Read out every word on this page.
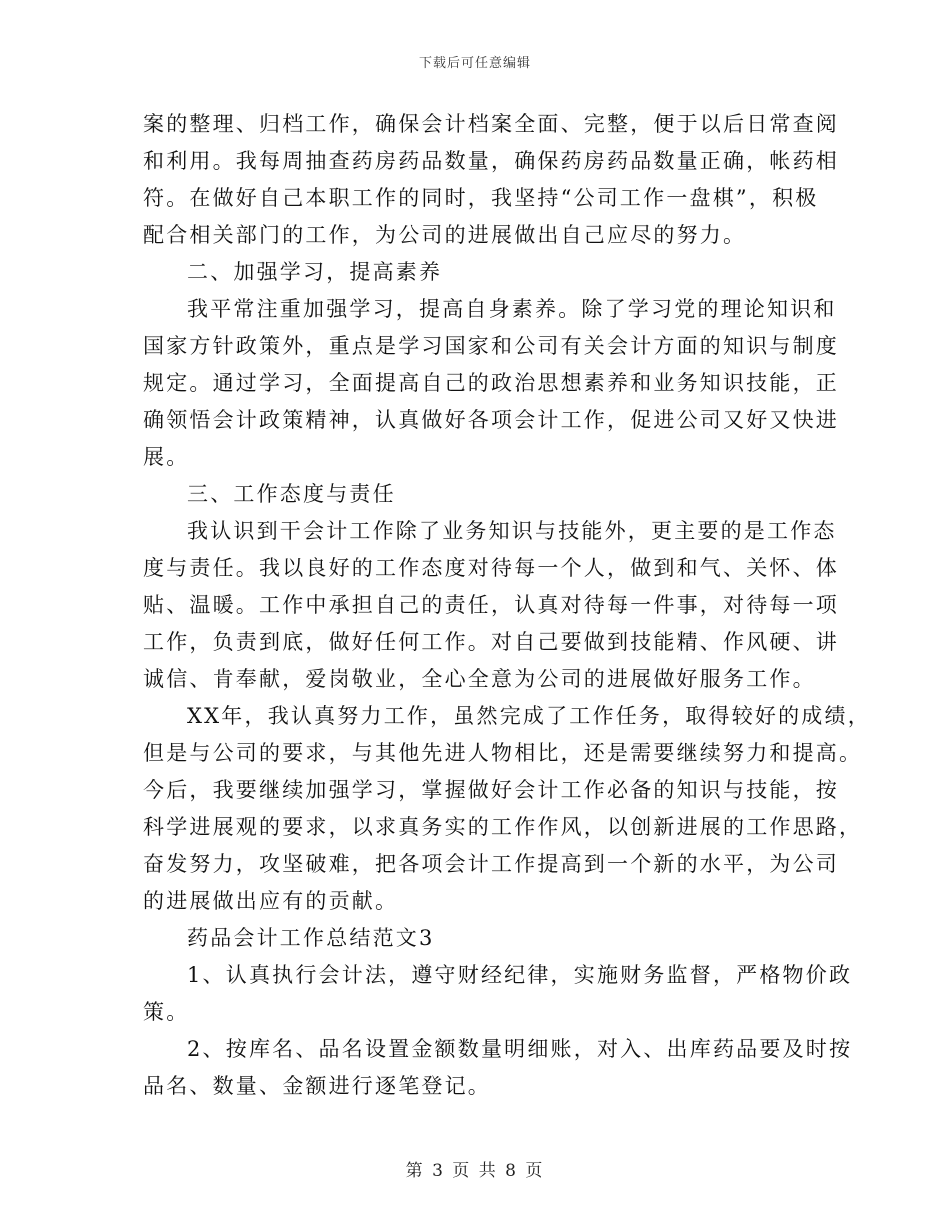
下载后可任意编辑
案的整理、归档工作，确保会计档案全面、完整，便于以后日常查阅
和利用。我每周抽查药房药品数量，确保药房药品数量正确，帐药相
符。在做好自己本职工作的同时，我坚持“公司工作一盘棋”，积极
配合相关部门的工作，为公司的进展做出自己应尽的努力。
二、加强学习，提高素养
我平常注重加强学习，提高自身素养。除了学习党的理论知识和
国家方针政策外，重点是学习国家和公司有关会计方面的知识与制度
规定。通过学习，全面提高自己的政治思想素养和业务知识技能，正
确领悟会计政策精神，认真做好各项会计工作，促进公司又好又快进
展。
三、工作态度与责任
我认识到干会计工作除了业务知识与技能外，更主要的是工作态
度与责任。我以良好的工作态度对待每一个人，做到和气、关怀、体
贴、温暖。工作中承担自己的责任，认真对待每一件事，对待每一项
工作，负责到底，做好任何工作。对自己要做到技能精、作风硬、讲
诚信、肯奉献，爱岗敬业，全心全意为公司的进展做好服务工作。
XX年，我认真努力工作，虽然完成了工作任务，取得较好的成绩，
但是与公司的要求，与其他先进人物相比，还是需要继续努力和提高。
今后，我要继续加强学习，掌握做好会计工作必备的知识与技能，按
科学进展观的要求，以求真务实的工作作风，以创新进展的工作思路，
奋发努力，攻坚破难，把各项会计工作提高到一个新的水平，为公司
的进展做出应有的贡献。
药品会计工作总结范文3
1、认真执行会计法，遵守财经纪律，实施财务监督，严格物价政
策。
2、按库名、品名设置金额数量明细账，对入、出库药品要及时按
品名、数量、金额进行逐笔登记。
第 3 页 共 8 页
